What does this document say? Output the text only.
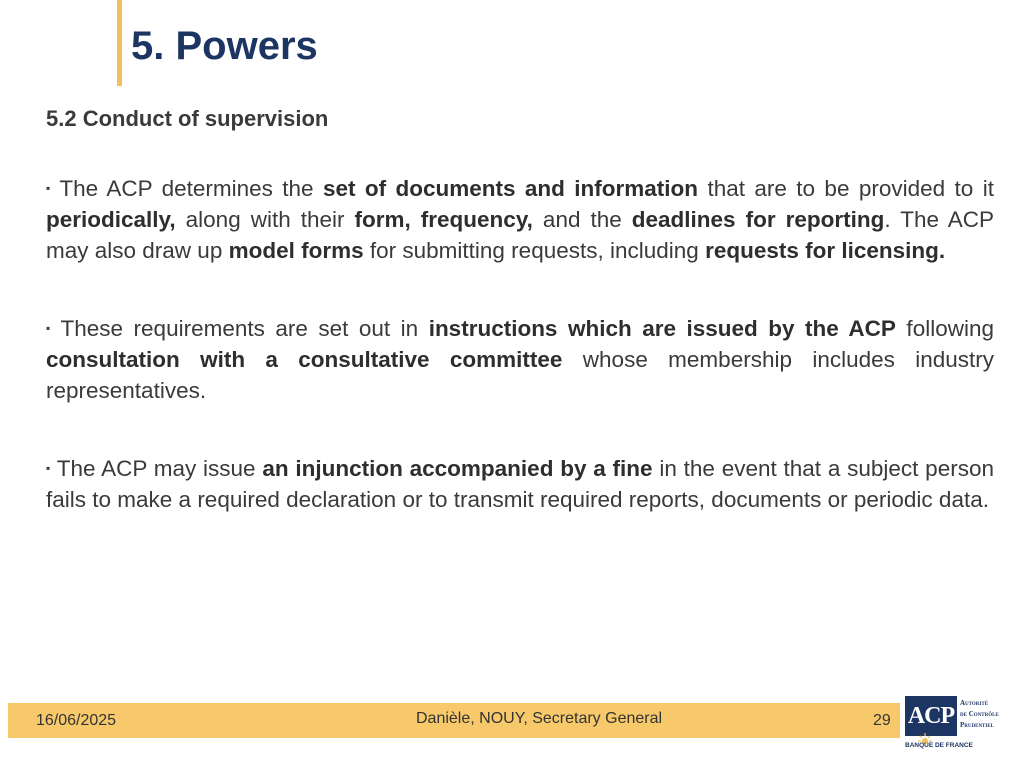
5. Powers
5.2 Conduct of supervision

▪ The ACP determines the set of documents and information that are to be provided to it periodically, along with their form, frequency, and the deadlines for reporting. The ACP may also draw up model forms for submitting requests, including requests for licensing.

▪ These requirements are set out in instructions which are issued by the ACP following consultation with a consultative committee whose membership includes industry representatives.

▪ The ACP may issue an injunction accompanied by a fine in the event that a subject person fails to make a required declaration or to transmit required reports, documents or periodic data.

16/06/2025	Danièle, NOUY, Secretary General	29 ACP Autorité
de Contrôle
Prudentiel
BANQUE DE FRANCE
